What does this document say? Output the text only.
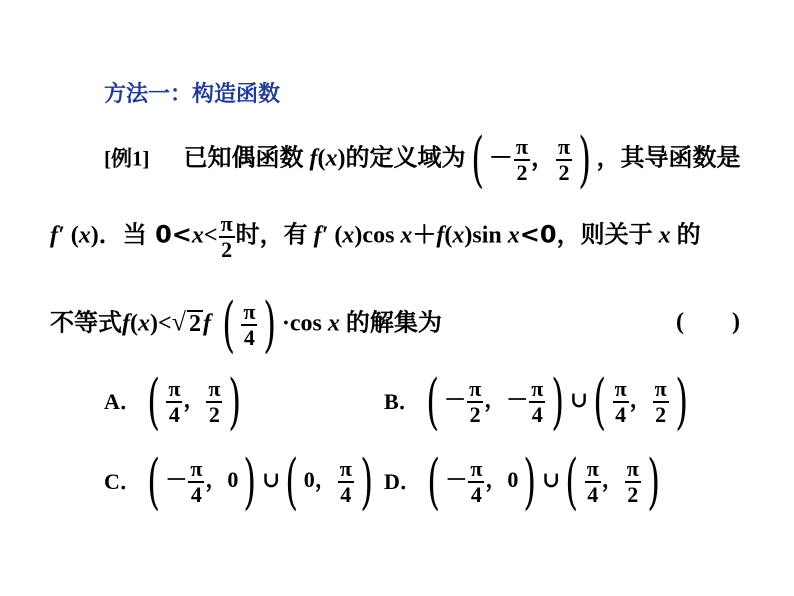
方法一：构造函数
[例1] 已知偶函数 f(x)的定义域为( － $\frac{\pi}{2}$ ， $\frac{\pi}{2}$ ) ，其导函数是
f′ (x)．当 $0<x< \frac{\pi}{2}$ 时，有 f′ (x)cos x＋f(x)sin x<0，则关于 x 的
不等式f(x)<√ 2f ( $\frac{\pi}{4}$ ) ·cos x 的解集为	(　　)
A．( $\frac{\pi}{4}$ ， $\frac{\pi}{2}$ )	B．( － $\frac{\pi}{2}$ ，－ $\frac{\pi}{4}$ ) ∪( $\frac{\pi}{4}$ ， $\frac{\pi}{2}$ )
C．( － $\frac{\pi}{4}$ ，0) ∪( 0， $\frac{\pi}{4}$ ) D．( － $\frac{\pi}{4}$ ，0) ∪( $\frac{\pi}{4}$ ， $\frac{\pi}{2}$ )
